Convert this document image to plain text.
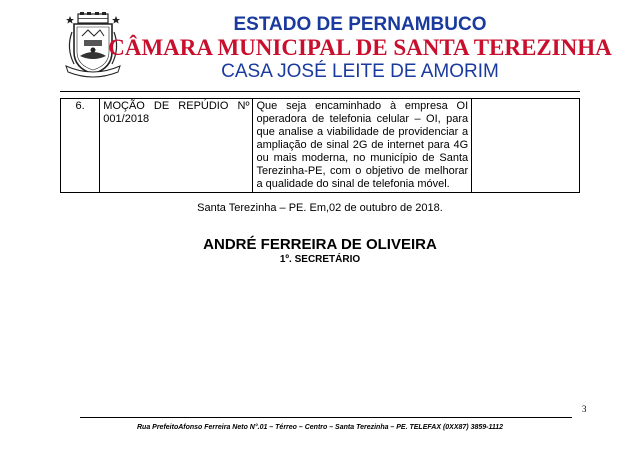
ESTADO DE PERNAMBUCO
CÂMARA MUNICIPAL DE SANTA TEREZINHA
CASA JOSÉ LEITE DE AMORIM
6.	MOÇÃO DE REPÚDIO Nº 001/2018	Que seja encaminhado à empresa OI operadora de telefonia celular – OI, para que analise a viabilidade de providenciar a ampliação de sinal 2G de internet para 4G ou mais moderna, no município de Santa Terezinha-PE, com o objetivo de melhorar a qualidade do sinal de telefonia móvel.	
Santa Terezinha – PE. Em,02 de outubro de 2018.
ANDRÉ FERREIRA DE OLIVEIRA
1º. SECRETÁRIO
3
Rua PrefeitoAfonso Ferreira Neto N°.01 – Térreo – Centro – Santa Terezinha – PE. TELEFAX (0XX87) 3859-1112
